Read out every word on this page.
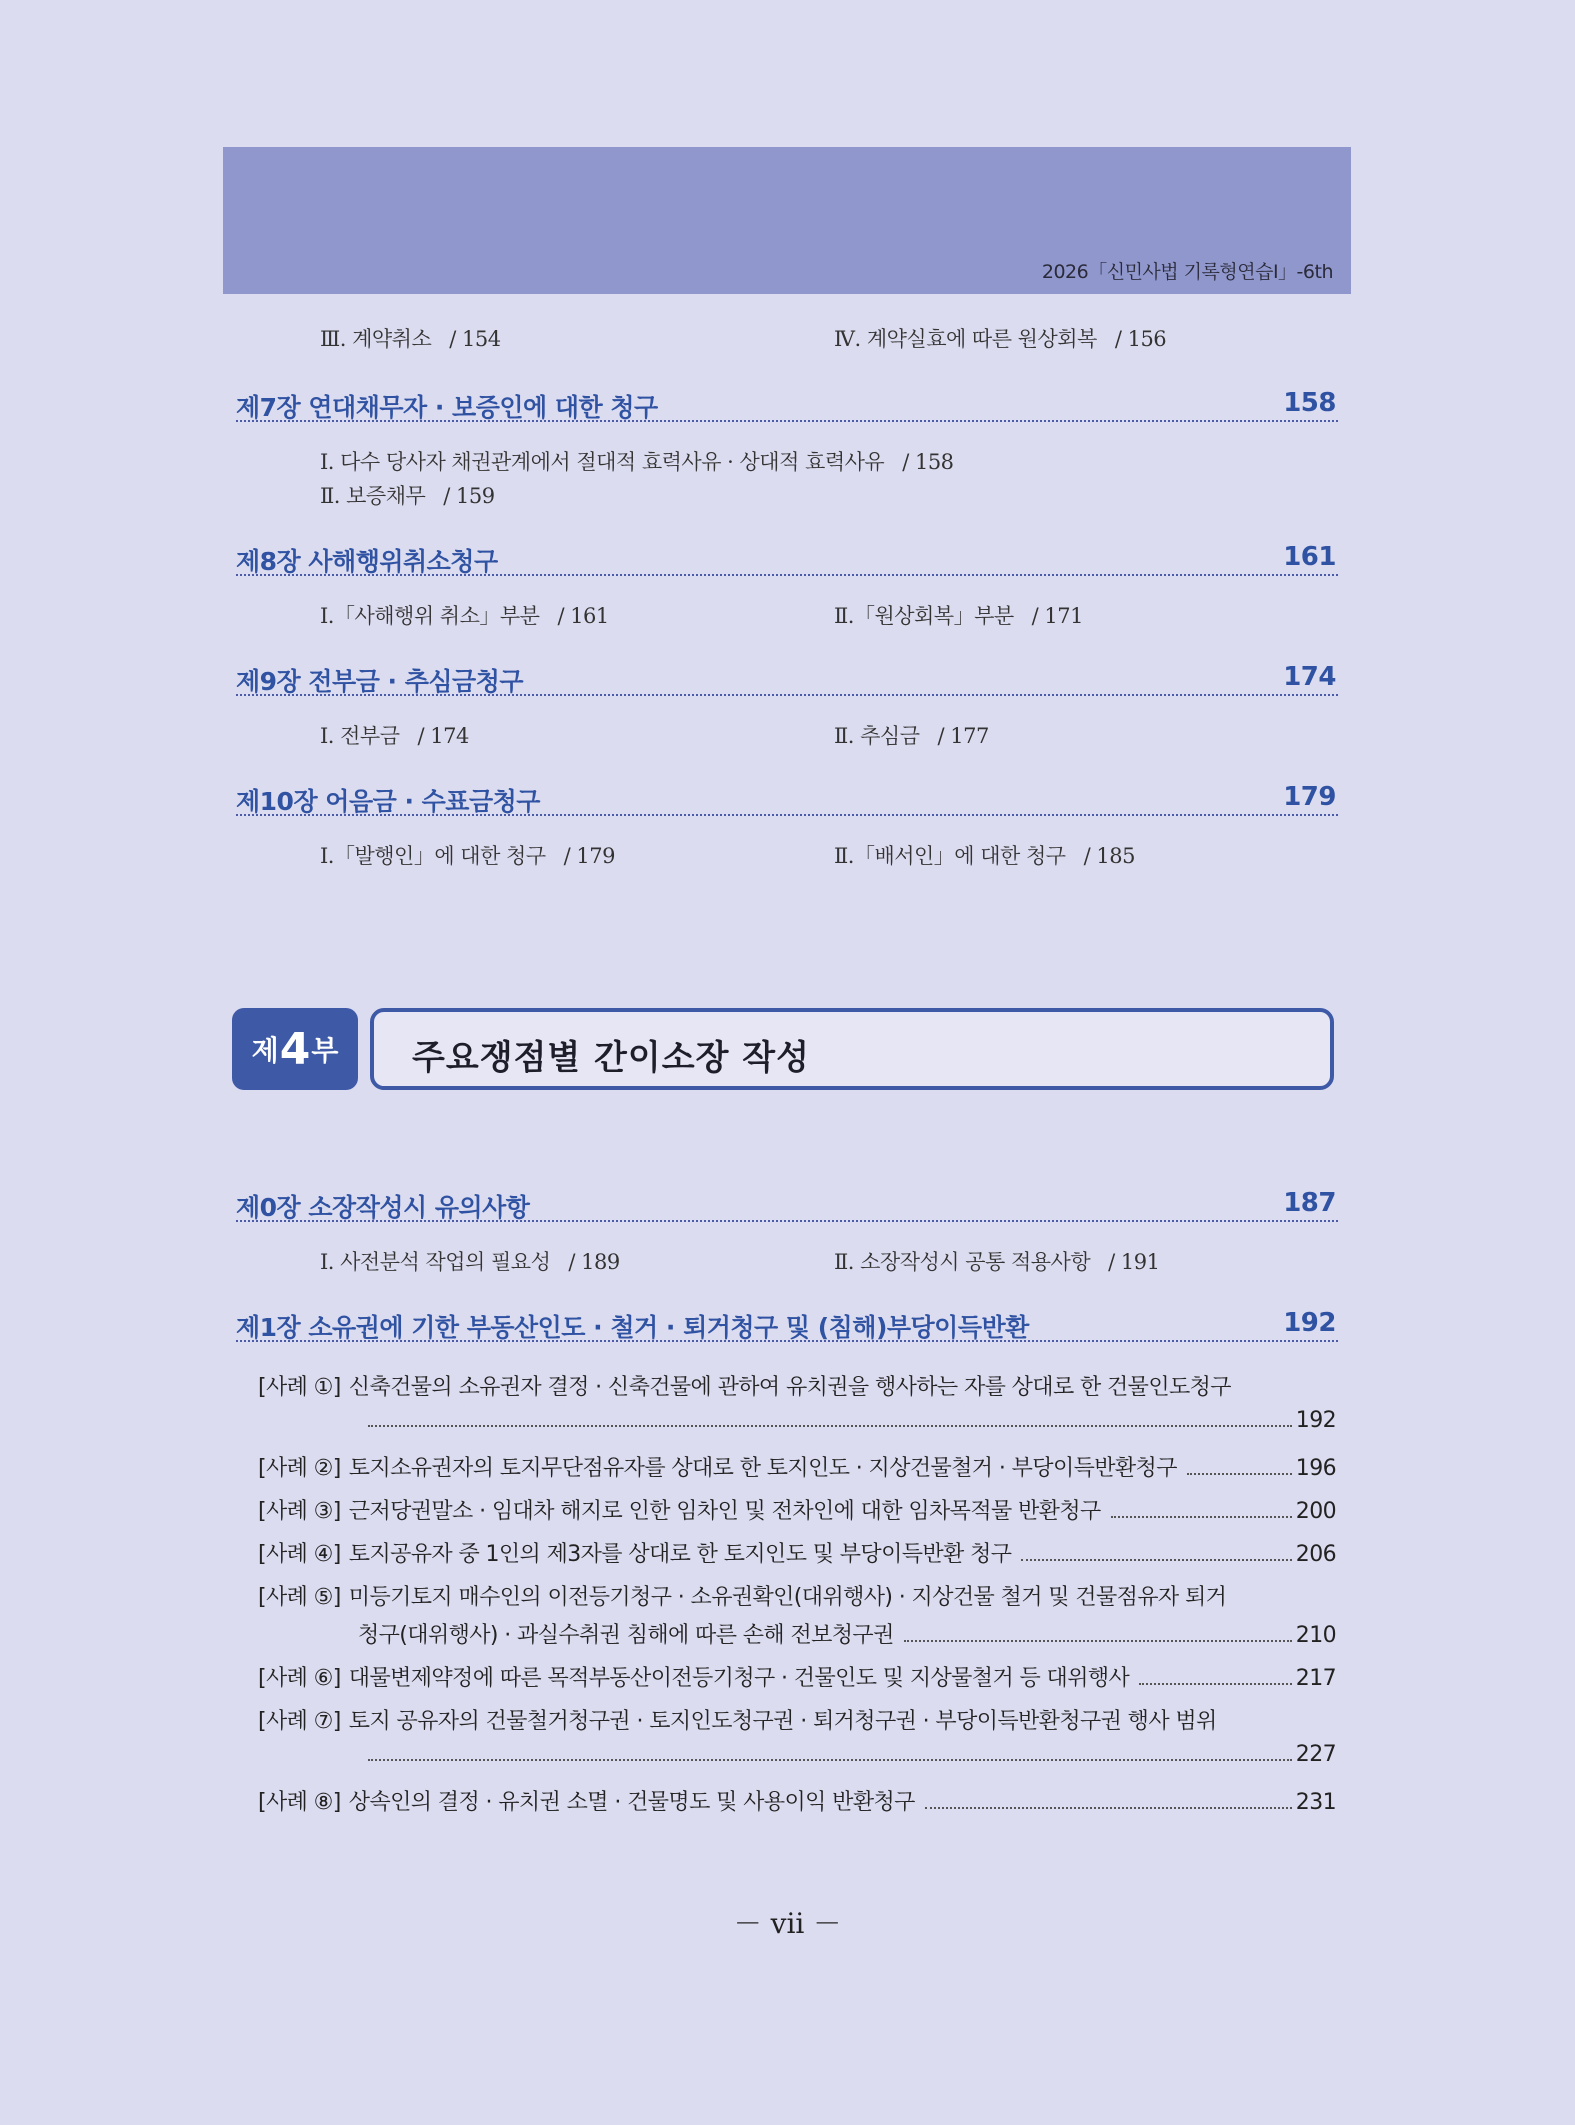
2026「신민사법 기록형연습Ⅰ」-6th
Ⅲ. 계약취소 / 154	Ⅳ. 계약실효에 따른 원상회복 / 156
제7장 연대채무자 · 보증인에 대한 청구	158
Ⅰ. 다수 당사자 채권관계에서 절대적 효력사유 · 상대적 효력사유 / 158
Ⅱ. 보증채무 / 159
제8장 사해행위취소청구	161
Ⅰ.「사해행위 취소」부분 / 161	Ⅱ.「원상회복」부분 / 171
제9장 전부금 · 추심금청구	174
Ⅰ. 전부금 / 174	Ⅱ. 추심금 / 177
제10장 어음금 · 수표금청구	179
Ⅰ.「발행인」에 대한 청구 / 179	Ⅱ.「배서인」에 대한 청구 / 185
제 4 부 주요쟁점별 간이소장 작성
제0장 소장작성시 유의사항	187
Ⅰ. 사전분석 작업의 필요성 / 189	Ⅱ. 소장작성시 공통 적용사항 / 191
제1장 소유권에 기한 부동산인도 · 철거 · 퇴거청구 및 (침해)부당이득반환	192
[사례 ①] 신축건물의 소유권자 결정 · 신축건물에 관하여 유치권을 행사하는 자를 상대로 한 건물인도청구
192
[사례 ②] 토지소유권자의 토지무단점유자를 상대로 한 토지인도 · 지상건물철거 · 부당이득반환청구	196
[사례 ③] 근저당권말소 · 임대차 해지로 인한 임차인 및 전차인에 대한 임차목적물 반환청구	200
[사례 ④] 토지공유자 중 1인의 제3자를 상대로 한 토지인도 및 부당이득반환 청구	206
[사례 ⑤] 미등기토지 매수인의 이전등기청구 · 소유권확인(대위행사) · 지상건물 철거 및 건물점유자 퇴거
청구(대위행사) · 과실수취권 침해에 따른 손해 전보청구권	210
[사례 ⑥] 대물변제약정에 따른 목적부동산이전등기청구 · 건물인도 및 지상물철거 등 대위행사	217
[사례 ⑦] 토지 공유자의 건물철거청구권 · 토지인도청구권 · 퇴거청구권 · 부당이득반환청구권 행사 범위
227
[사례 ⑧] 상속인의 결정 · 유치권 소멸 · 건물명도 및 사용이익 반환청구	231
－ vii －
